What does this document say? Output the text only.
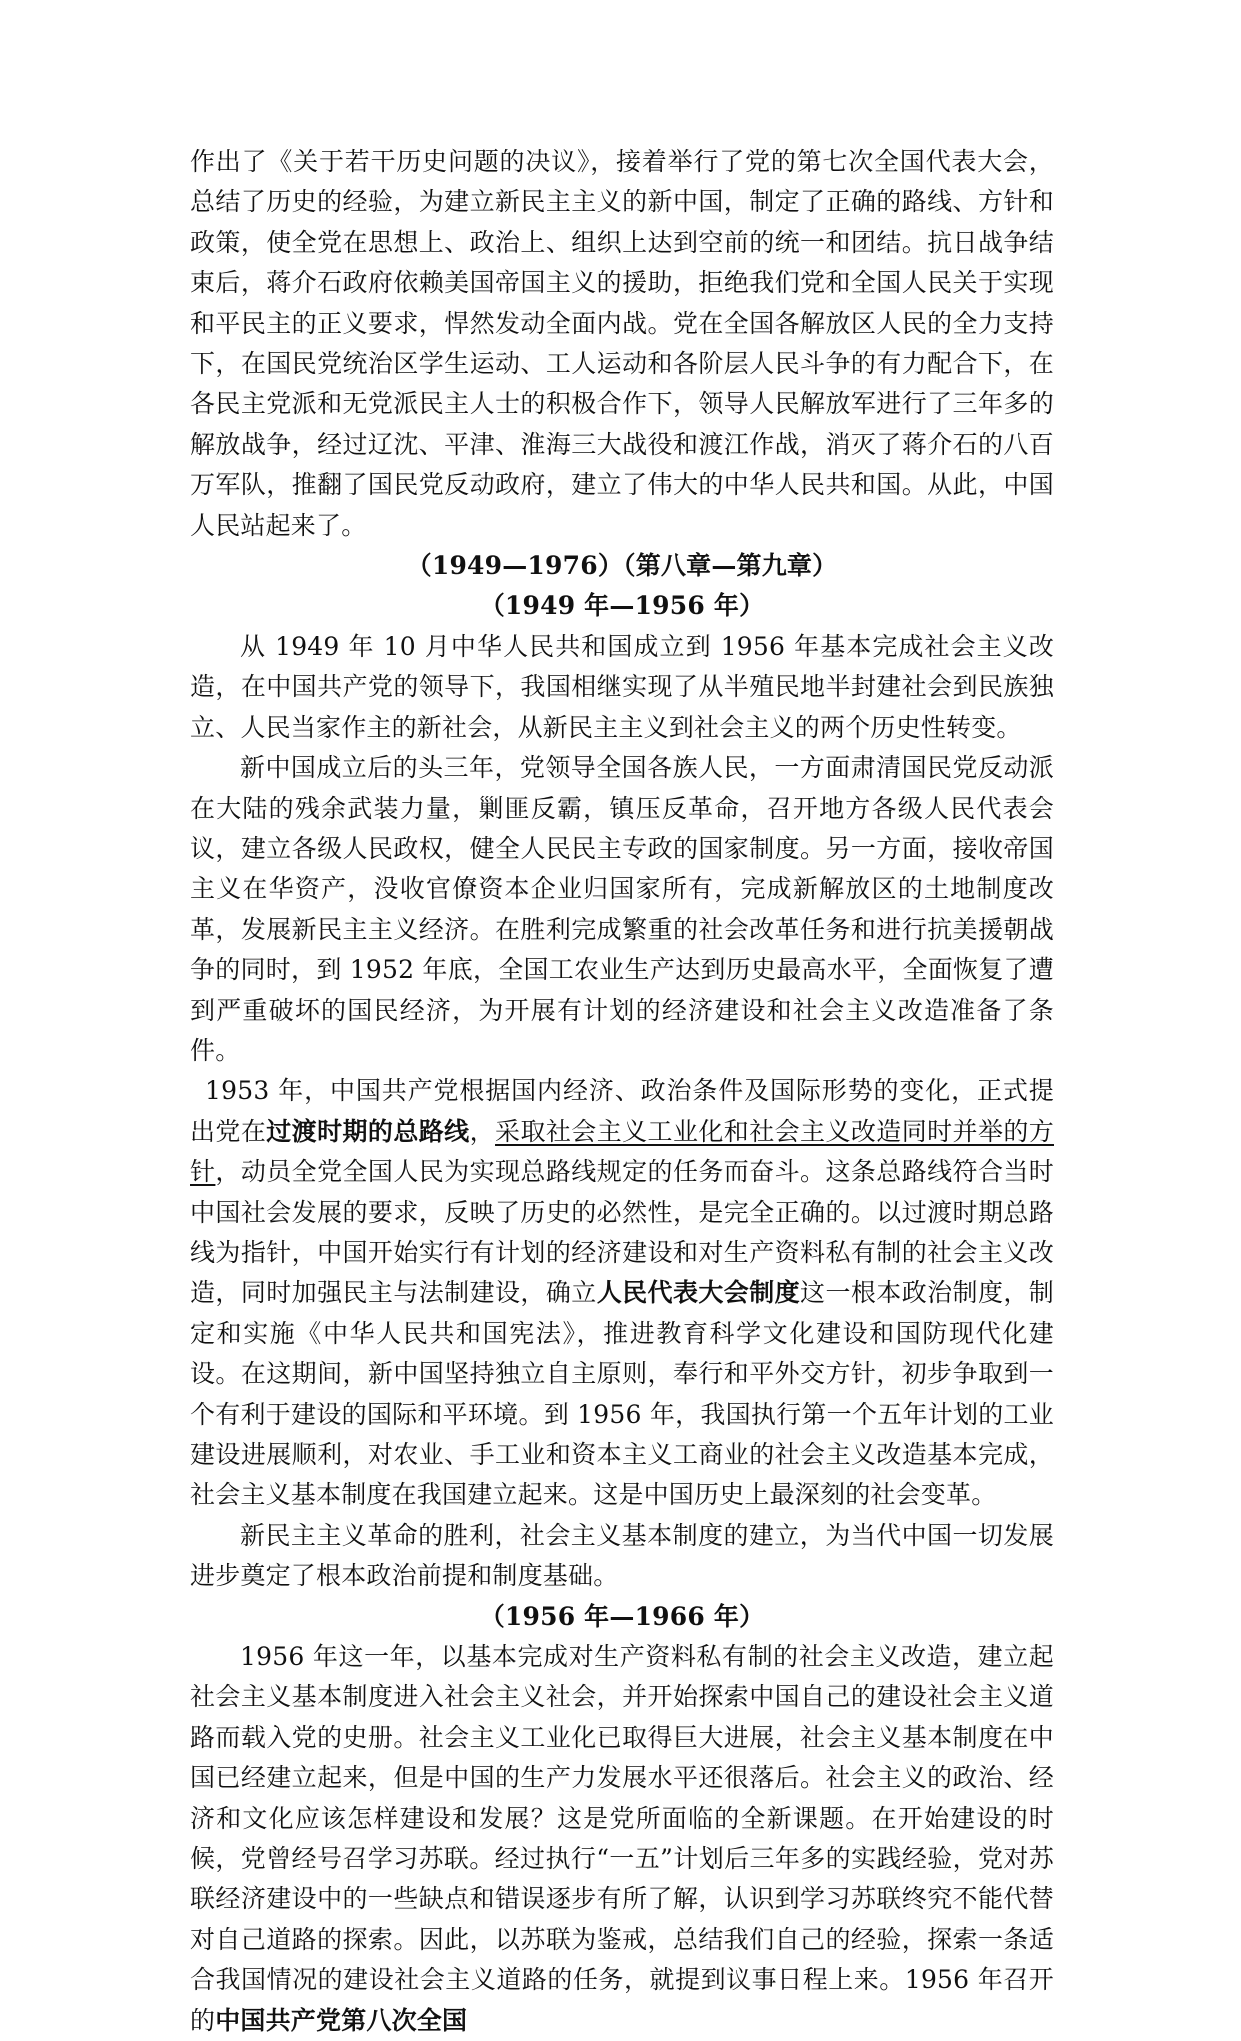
作出了《关于若干历史问题的决议》，接着举行了党的第七次全国代表大会，总结了历史的经验，为建立新民主主义的新中国，制定了正确的路线、方针和政策，使全党在思想上、政治上、组织上达到空前的统一和团结。抗日战争结束后，蒋介石政府依赖美国帝国主义的援助，拒绝我们党和全国人民关于实现和平民主的正义要求，悍然发动全面内战。党在全国各解放区人民的全力支持下，在国民党统治区学生运动、工人运动和各阶层人民斗争的有力配合下，在各民主党派和无党派民主人士的积极合作下，领导人民解放军进行了三年多的解放战争，经过辽沈、平津、淮海三大战役和渡江作战，消灭了蒋介石的八百万军队，推翻了国民党反动政府，建立了伟大的中华人民共和国。从此，中国人民站起来了。

（1949—1976）（第八章—第九章）

（1949 年—1956 年）

从 1949 年 10 月中华人民共和国成立到 1956 年基本完成社会主义改造，在中国共产党的领导下，我国相继实现了从半殖民地半封建社会到民族独立、人民当家作主的新社会，从新民主主义到社会主义的两个历史性转变。

新中国成立后的头三年，党领导全国各族人民，一方面肃清国民党反动派在大陆的残余武装力量，剿匪反霸，镇压反革命，召开地方各级人民代表会议，建立各级人民政权，健全人民民主专政的国家制度。另一方面，接收帝国主义在华资产，没收官僚资本企业归国家所有，完成新解放区的土地制度改革，发展新民主主义经济。在胜利完成繁重的社会改革任务和进行抗美援朝战争的同时，到 1952 年底，全国工农业生产达到历史最高水平，全面恢复了遭到严重破坏的国民经济，为开展有计划的经济建设和社会主义改造准备了条件。

1953 年，中国共产党根据国内经济、政治条件及国际形势的变化，正式提出党在过渡时期的总路线，采取社会主义工业化和社会主义改造同时并举的方针，动员全党全国人民为实现总路线规定的任务而奋斗。这条总路线符合当时中国社会发展的要求，反映了历史的必然性，是完全正确的。以过渡时期总路线为指针，中国开始实行有计划的经济建设和对生产资料私有制的社会主义改造，同时加强民主与法制建设，确立人民代表大会制度这一根本政治制度，制定和实施《中华人民共和国宪法》，推进教育科学文化建设和国防现代化建设。在这期间，新中国坚持独立自主原则，奉行和平外交方针，初步争取到一个有利于建设的国际和平环境。到 1956 年，我国执行第一个五年计划的工业建设进展顺利，对农业、手工业和资本主义工商业的社会主义改造基本完成，社会主义基本制度在我国建立起来。这是中国历史上最深刻的社会变革。

新民主主义革命的胜利，社会主义基本制度的建立，为当代中国一切发展进步奠定了根本政治前提和制度基础。

（1956 年—1966 年）

1956 年这一年，以基本完成对生产资料私有制的社会主义改造，建立起社会主义基本制度进入社会主义社会，并开始探索中国自己的建设社会主义道路而载入党的史册。社会主义工业化已取得巨大进展，社会主义基本制度在中国已经建立起来，但是中国的生产力发展水平还很落后。社会主义的政治、经济和文化应该怎样建设和发展？这是党所面临的全新课题。在开始建设的时候，党曾经号召学习苏联。经过执行“一五”计划后三年多的实践经验，党对苏联经济建设中的一些缺点和错误逐步有所了解，认识到学习苏联终究不能代替对自己道路的探索。因此，以苏联为鉴戒，总结我们自己的经验，探索一条适合我国情况的建设社会主义道路的任务，就提到议事日程上来。1956 年召开的中国共产党第八次全国
